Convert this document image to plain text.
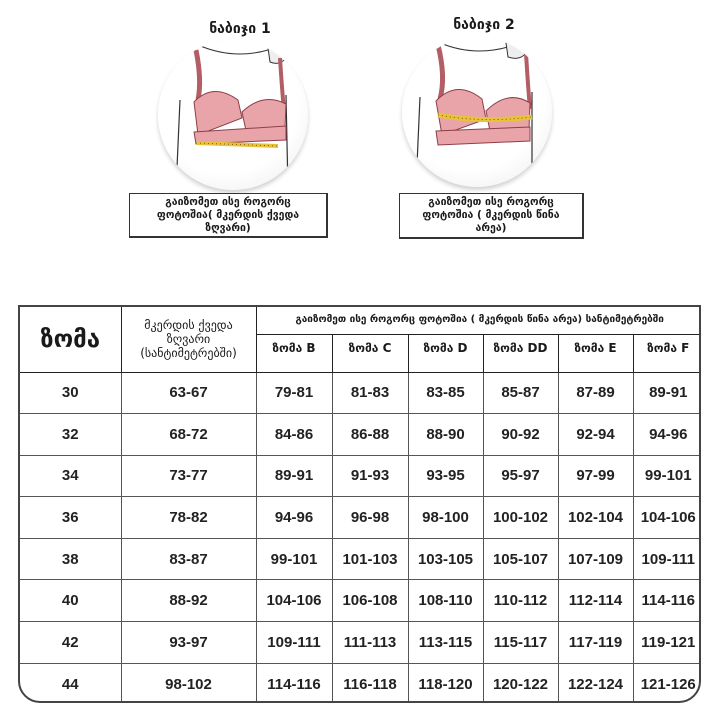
ნაბიჯი 1
გაიზომეთ ისე როგორც ფოტოშია( მკერდის ქვედა ზღვარი)
ნაბიჯი 2
გაიზომეთ ისე როგორც ფოტოშია ( მკერდის წინა არეა)
ზომა	მკერდის ქვედა ზღვარი (სანტიმეტრებში)	გაიზომეთ ისე როგორც ფოტოშია ( მკერდის წინა არეა) სანტიმეტრებში					
		ზომა B	ზომა C	ზომა D	ზომა DD	ზომა E	ზომა F
30	63-67	79-81	81-83	83-85	85-87	87-89	89-91
32	68-72	84-86	86-88	88-90	90-92	92-94	94-96
34	73-77	89-91	91-93	93-95	95-97	97-99	99-101
36	78-82	94-96	96-98	98-100	100-102	102-104	104-106
38	83-87	99-101	101-103	103-105	105-107	107-109	109-111
40	88-92	104-106	106-108	108-110	110-112	112-114	114-116
42	93-97	109-111	111-113	113-115	115-117	117-119	119-121
44	98-102	114-116	116-118	118-120	120-122	122-124	121-126
